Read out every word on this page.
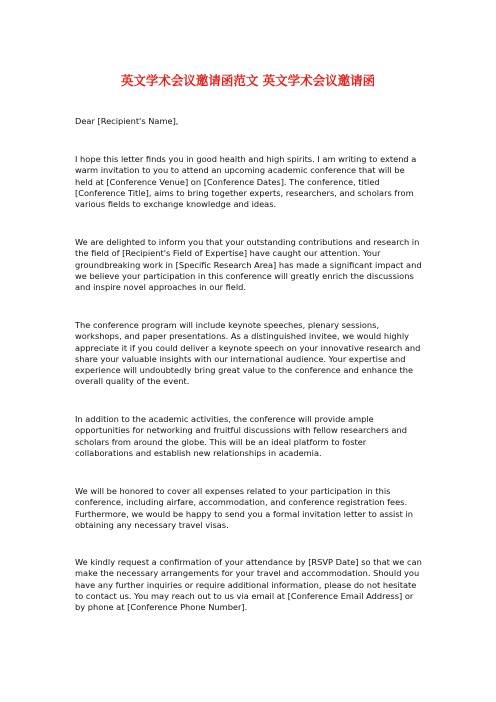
英文学术会议邀请函范文 英文学术会议邀请函

Dear [Recipient's Name],

I hope this letter finds you in good health and high spirits. I am writing to extend a warm invitation to you to attend an upcoming academic conference that will be held at [Conference Venue] on [Conference Dates]. The conference, titled [Conference Title], aims to bring together experts, researchers, and scholars from various fields to exchange knowledge and ideas.

We are delighted to inform you that your outstanding contributions and research in the field of [Recipient's Field of Expertise] have caught our attention. Your groundbreaking work in [Specific Research Area] has made a significant impact and we believe your participation in this conference will greatly enrich the discussions and inspire novel approaches in our field.

The conference program will include keynote speeches, plenary sessions, workshops, and paper presentations. As a distinguished invitee, we would highly appreciate it if you could deliver a keynote speech on your innovative research and share your valuable insights with our international audience. Your expertise and experience will undoubtedly bring great value to the conference and enhance the overall quality of the event.

In addition to the academic activities, the conference will provide ample opportunities for networking and fruitful discussions with fellow researchers and scholars from around the globe. This will be an ideal platform to foster collaborations and establish new relationships in academia.

We will be honored to cover all expenses related to your participation in this conference, including airfare, accommodation, and conference registration fees. Furthermore, we would be happy to send you a formal invitation letter to assist in obtaining any necessary travel visas.

We kindly request a confirmation of your attendance by [RSVP Date] so that we can make the necessary arrangements for your travel and accommodation. Should you have any further inquiries or require additional information, please do not hesitate to contact us. You may reach out to us via email at [Conference Email Address] or by phone at [Conference Phone Number].
